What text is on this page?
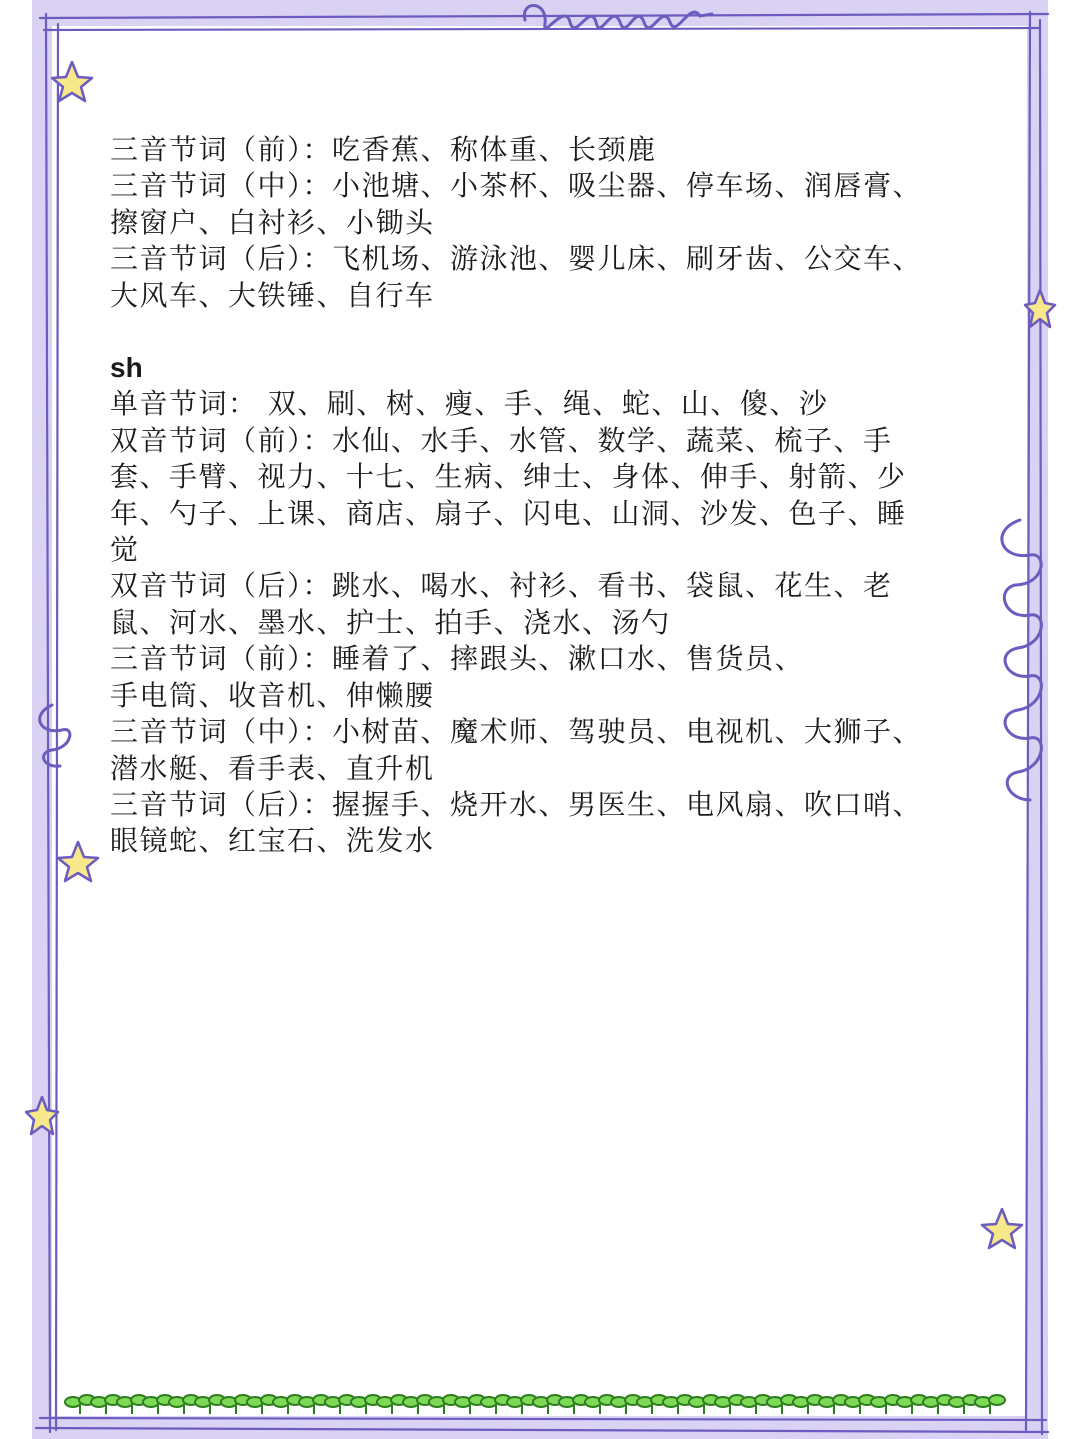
三音节词（前）：吃香蕉、称体重、长颈鹿

三音节词（中）：小池塘、小茶杯、吸尘器、停车场、润唇膏、

擦窗户、白衬衫、小锄头

三音节词（后）：飞机场、游泳池、婴儿床、刷牙齿、公交车、

大风车、大铁锤、自行车

sh

单音节词： 双、刷、树、瘦、手、绳、蛇、山、傻、沙

双音节词（前）：水仙、水手、水管、数学、蔬菜、梳子、手

套、手臂、视力、十七、生病、绅士、身体、伸手、射箭、少

年、勺子、上课、商店、扇子、闪电、山洞、沙发、色子、睡

觉

双音节词（后）：跳水、喝水、衬衫、看书、袋鼠、花生、老

鼠、河水、墨水、护士、拍手、浇水、汤勺

三音节词（前）：睡着了、摔跟头、漱口水、售货员、

手电筒、收音机、伸懒腰

三音节词（中）：小树苗、魔术师、驾驶员、电视机、大狮子、

潜水艇、看手表、直升机

三音节词（后）：握握手、烧开水、男医生、电风扇、吹口哨、

眼镜蛇、红宝石、洗发水
